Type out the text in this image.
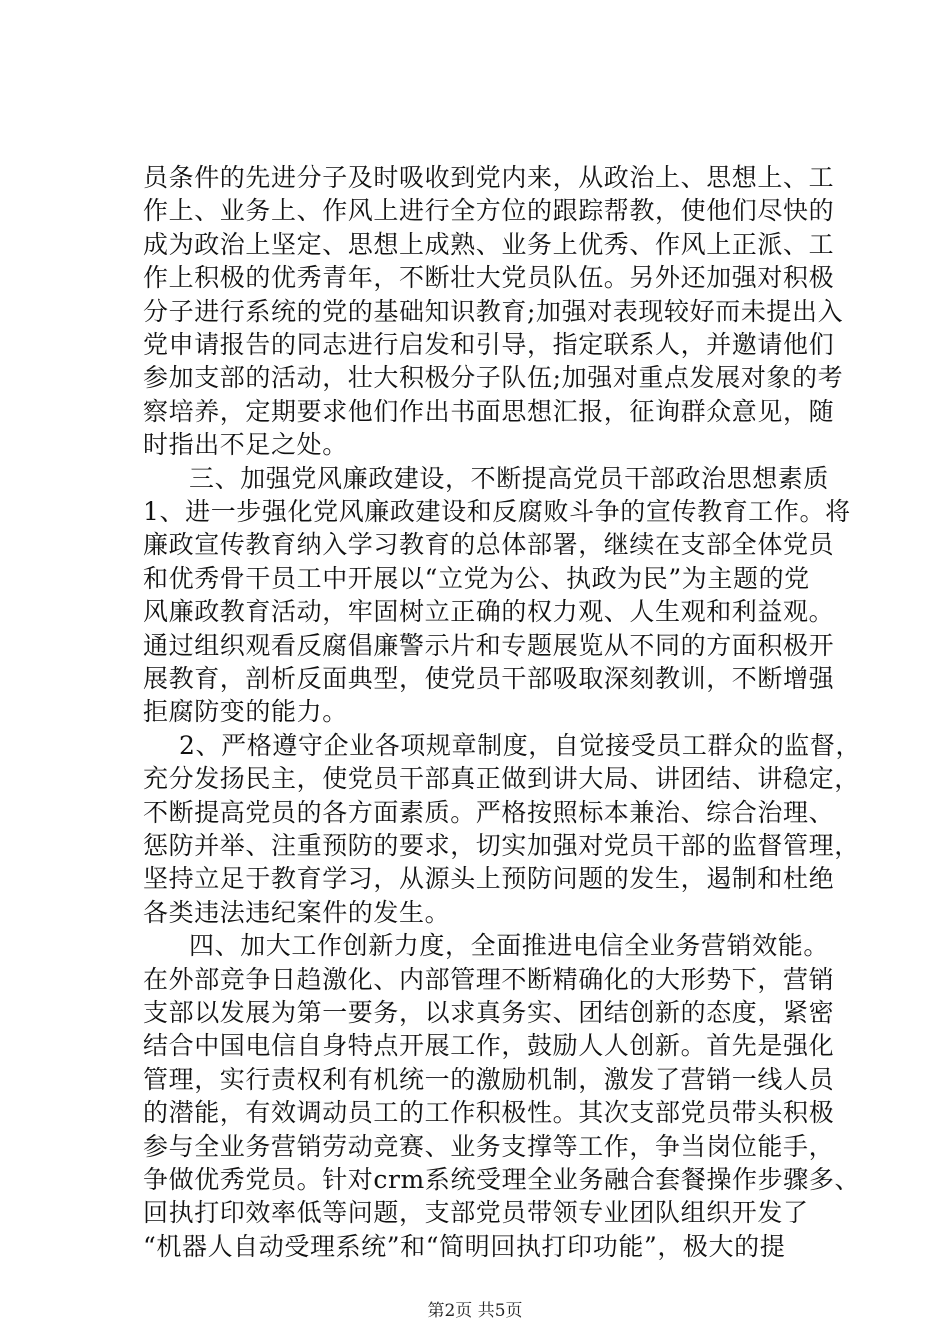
员条件的先进分子及时吸收到党内来，从政治上、思想上、工
作上、业务上、作风上进行全方位的跟踪帮教，使他们尽快的
成为政治上坚定、思想上成熟、业务上优秀、作风上正派、工
作上积极的优秀青年，不断壮大党员队伍。另外还加强对积极
分子进行系统的党的基础知识教育;加强对表现较好而未提出入
党申请报告的同志进行启发和引导，指定联系人，并邀请他们
参加支部的活动，壮大积极分子队伍;加强对重点发展对象的考
察培养，定期要求他们作出书面思想汇报，征询群众意见，随
时指出不足之处。
三、加强党风廉政建设，不断提高党员干部政治思想素质
1、进一步强化党风廉政建设和反腐败斗争的宣传教育工作。将
廉政宣传教育纳入学习教育的总体部署，继续在支部全体党员
和优秀骨干员工中开展以“立党为公、执政为民”为主题的党
风廉政教育活动，牢固树立正确的权力观、人生观和利益观。
通过组织观看反腐倡廉警示片和专题展览从不同的方面积极开
展教育，剖析反面典型，使党员干部吸取深刻教训，不断增强
拒腐防变的能力。
2、严格遵守企业各项规章制度，自觉接受员工群众的监督，
充分发扬民主，使党员干部真正做到讲大局、讲团结、讲稳定，
不断提高党员的各方面素质。严格按照标本兼治、综合治理、
惩防并举、注重预防的要求，切实加强对党员干部的监督管理，
坚持立足于教育学习，从源头上预防问题的发生，遏制和杜绝
各类违法违纪案件的发生。
四、加大工作创新力度，全面推进电信全业务营销效能。
在外部竞争日趋激化、内部管理不断精确化的大形势下，营销
支部以发展为第一要务，以求真务实、团结创新的态度，紧密
结合中国电信自身特点开展工作，鼓励人人创新。首先是强化
管理，实行责权利有机统一的激励机制，激发了营销一线人员
的潜能，有效调动员工的工作积极性。其次支部党员带头积极
参与全业务营销劳动竞赛、业务支撑等工作，争当岗位能手，
争做优秀党员。针对crm系统受理全业务融合套餐操作步骤多、
回执打印效率低等问题，支部党员带领专业团队组织开发了
“机器人自动受理系统”和“简明回执打印功能”，极大的提
第2页 共5页
